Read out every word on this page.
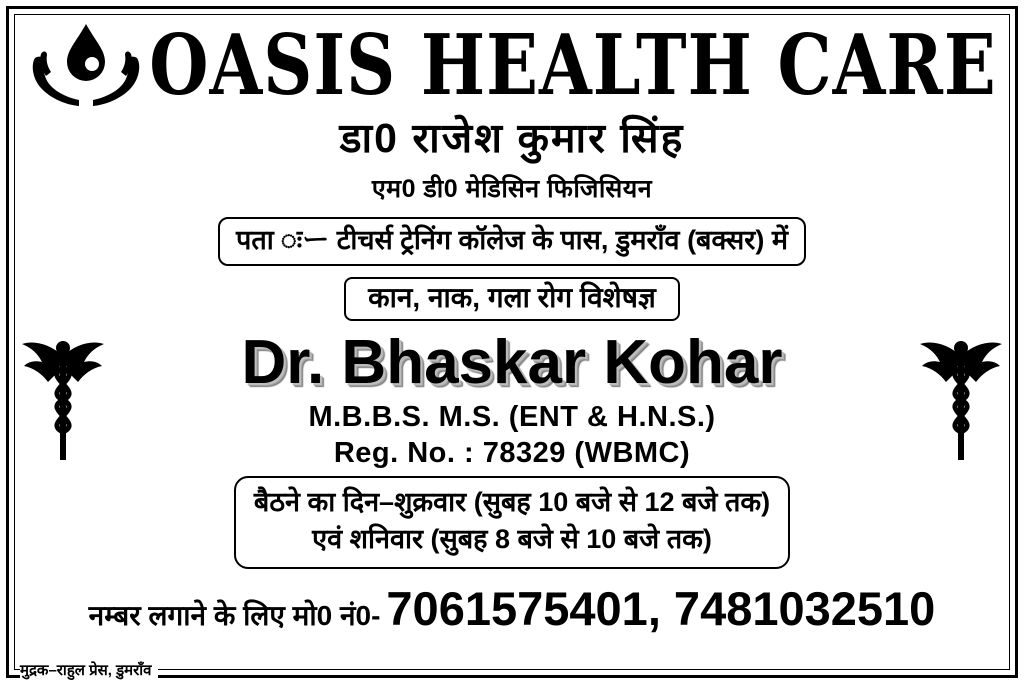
OASIS HEALTH CARE
डा0 राजेश कुमार सिंह
एम0 डी0 मेडिसिन फिजिसियन
पता ःー टीचर्स ट्रेनिंग कॉलेज के पास, डुमराँव (बक्सर) में
कान, नाक, गला रोग विशेषज्ञ
Dr. Bhaskar Kohar
M.B.B.S. M.S. (ENT & H.N.S.)
Reg. No. : 78329 (WBMC)
बैठने का दिन–शुक्रवार (सुबह 10 बजे से 12 बजे तक)
एवं शनिवार (सुबह 8 बजे से 10 बजे तक)
नम्बर लगाने के लिए मो0 नं0- 7061575401, 7481032510
मुद्रक–राहुल प्रेस, डुमराँव
